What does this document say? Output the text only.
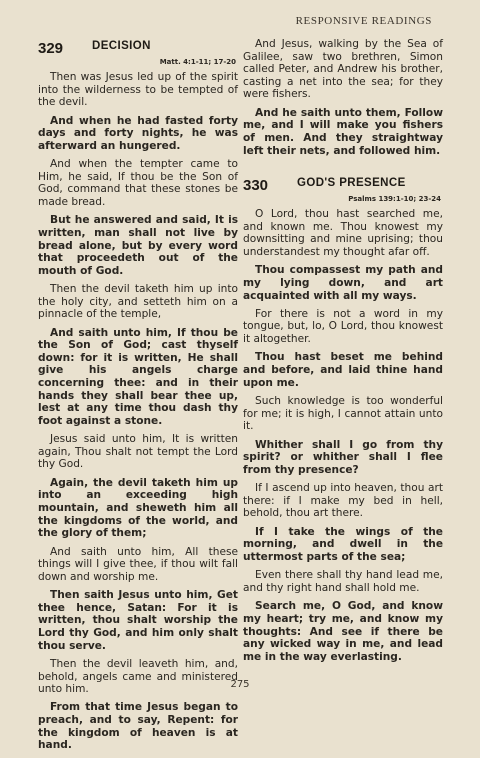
RESPONSIVE READINGS
329	DECISION
Matt. 4:1-11; 17-20

Then was Jesus led up of the spirit into the wilderness to be tempted of the devil.

And when he had fasted forty days and forty nights, he was afterward an hungered.

And when the tempter came to Him, he said, If thou be the Son of God, command that these stones be made bread.

But he answered and said, It is written, man shall not live by bread alone, but by every word that proceedeth out of the mouth of God.

Then the devil taketh him up into the holy city, and setteth him on a pinnacle of the temple,

And saith unto him, If thou be the Son of God; cast thyself down: for it is written, He shall give his angels charge concerning thee: and in their hands they shall bear thee up, lest at any time thou dash thy foot against a stone.

Jesus said unto him, It is written again, Thou shalt not tempt the Lord thy God.

Again, the devil taketh him up into an exceeding high mountain, and sheweth him all the kingdoms of the world, and the glory of them;

And saith unto him, All these things will I give thee, if thou wilt fall down and worship me.

Then saith Jesus unto him, Get thee hence, Satan: For it is written, thou shalt worship the Lord thy God, and him only shalt thou serve.

Then the devil leaveth him, and, behold, angels came and ministered unto him.

From that time Jesus began to preach, and to say, Repent: for the kingdom of heaven is at hand.

And Jesus, walking by the Sea of Galilee, saw two brethren, Simon called Peter, and Andrew his brother, casting a net into the sea; for they were fishers.

And he saith unto them, Follow me, and I will make you fishers of men. And they straightway left their nets, and followed him.

330	GOD'S PRESENCE
Psalms 139:1-10; 23-24

O Lord, thou hast searched me, and known me. Thou knowest my downsitting and mine uprising; thou understandest my thought afar off.

Thou compassest my path and my lying down, and art acquainted with all my ways.

For there is not a word in my tongue, but, lo, O Lord, thou knowest it altogether.

Thou hast beset me behind and before, and laid thine hand upon me.

Such knowledge is too wonderful for me; it is high, I cannot attain unto it.

Whither shall I go from thy spirit? or whither shall I flee from thy presence?

If I ascend up into heaven, thou art there: if I make my bed in hell, behold, thou art there.

If I take the wings of the morning, and dwell in the uttermost parts of the sea;

Even there shall thy hand lead me, and thy right hand shall hold me.

Search me, O God, and know my heart; try me, and know my thoughts: And see if there be any wicked way in me, and lead me in the way everlasting.

275
